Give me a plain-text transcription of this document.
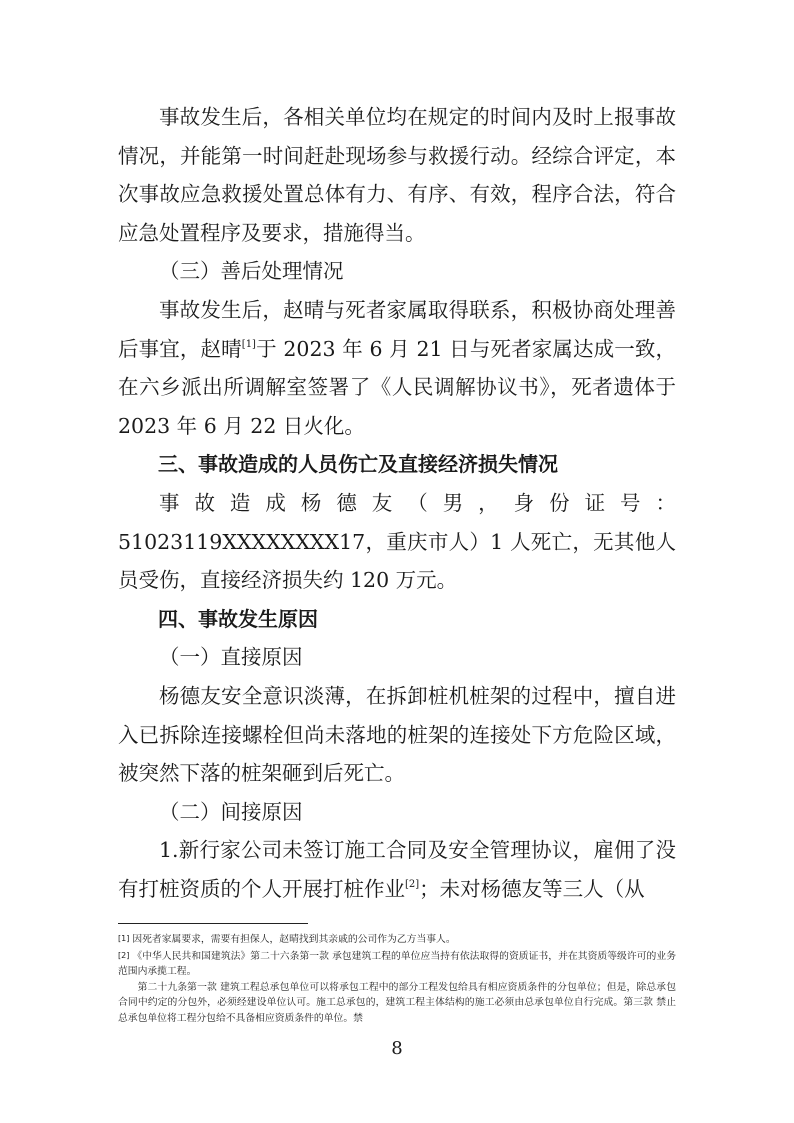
事故发生后，各相关单位均在规定的时间内及时上报事故情况，并能第一时间赶赴现场参与救援行动。经综合评定，本次事故应急救援处置总体有力、有序、有效，程序合法，符合应急处置程序及要求，措施得当。

（三）善后处理情况

事故发生后，赵晴与死者家属取得联系，积极协商处理善后事宜，赵晴[1]于 2023 年 6 月 21 日与死者家属达成一致，在六乡派出所调解室签署了《人民调解协议书》，死者遗体于 2023 年 6 月 22 日火化。

三、事故造成的人员伤亡及直接经济损失情况

事故造成杨德友（男，身份证号：51023119XXXXXXXX17，重庆市人）1 人死亡，无其他人员受伤，直接经济损失约 120 万元。

四、事故发生原因

（一）直接原因

杨德友安全意识淡薄，在拆卸桩机桩架的过程中，擅自进入已拆除连接螺栓但尚未落地的桩架的连接处下方危险区域，被突然下落的桩架砸到后死亡。

（二）间接原因

1.新行家公司未签订施工合同及安全管理协议，雇佣了没有打桩资质的个人开展打桩作业[2]；未对杨德友等三人（从

[1] 因死者家属要求，需要有担保人，赵晴找到其亲戚的公司作为乙方当事人。

[2] 《中华人民共和国建筑法》第二十六条第一款 承包建筑工程的单位应当持有依法取得的资质证书，并在其资质等级许可的业务范围内承揽工程。

第二十九条第一款 建筑工程总承包单位可以将承包工程中的部分工程发包给具有相应资质条件的分包单位；但是，除总承包合同中约定的分包外，必须经建设单位认可。施工总承包的，建筑工程主体结构的施工必须由总承包单位自行完成。第三款 禁止总承包单位将工程分包给不具备相应资质条件的单位。禁

8
